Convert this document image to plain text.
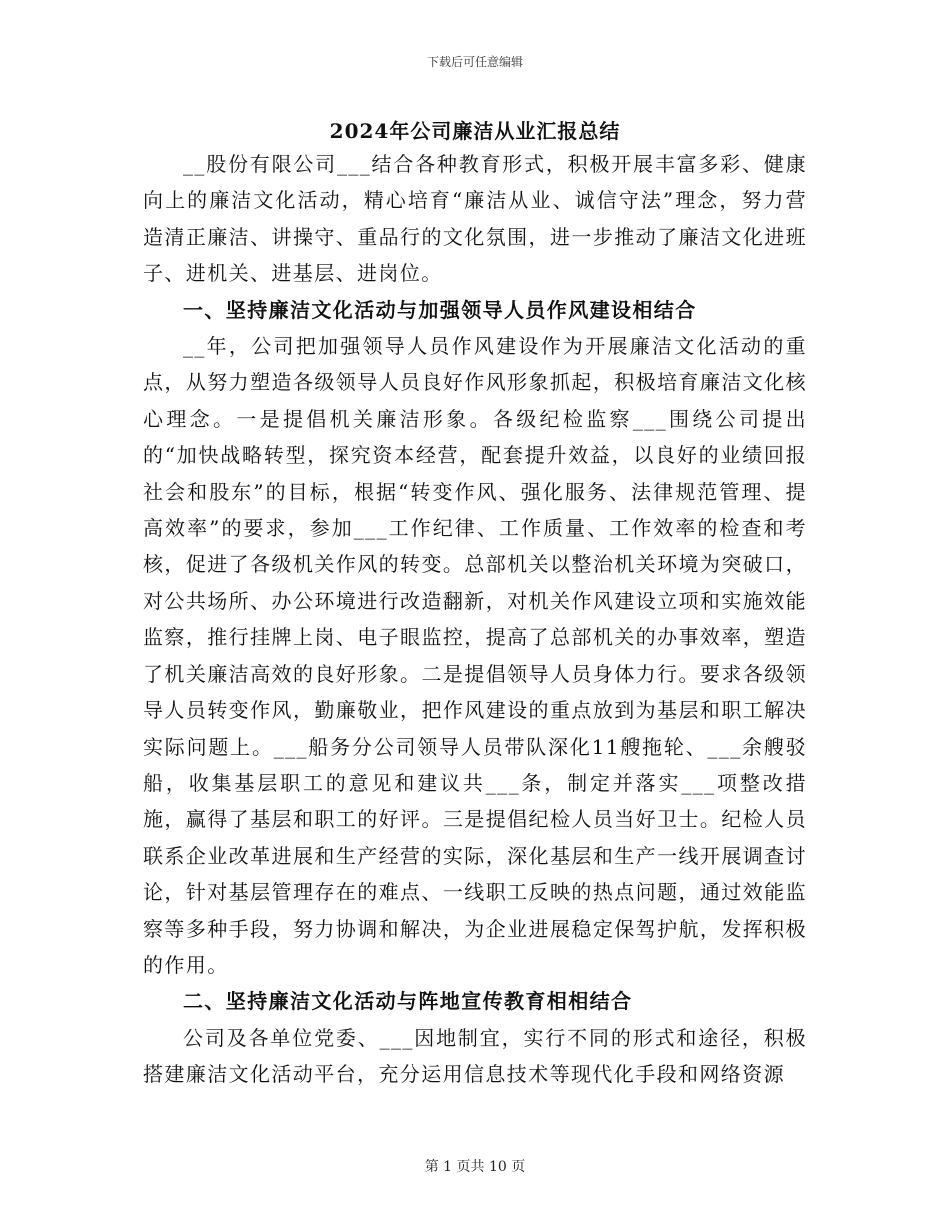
下载后可任意编辑
2024年公司廉洁从业汇报总结

__股份有限公司___结合各种教育形式，积极开展丰富多彩、健康向上的廉洁文化活动，精心培育“廉洁从业、诚信守法”理念，努力营造清正廉洁、讲操守、重品行的文化氛围，进一步推动了廉洁文化进班子、进机关、进基层、进岗位。

一、坚持廉洁文化活动与加强领导人员作风建设相结合

__年，公司把加强领导人员作风建设作为开展廉洁文化活动的重点，从努力塑造各级领导人员良好作风形象抓起，积极培育廉洁文化核心理念。一是提倡机关廉洁形象。各级纪检监察___围绕公司提出的“加快战略转型，探究资本经营，配套提升效益，以良好的业绩回报社会和股东”的目标，根据“转变作风、强化服务、法律规范管理、提高效率”的要求，参加___工作纪律、工作质量、工作效率的检查和考核，促进了各级机关作风的转变。总部机关以整治机关环境为突破口，对公共场所、办公环境进行改造翻新，对机关作风建设立项和实施效能监察，推行挂牌上岗、电子眼监控，提高了总部机关的办事效率，塑造了机关廉洁高效的良好形象。二是提倡领导人员身体力行。要求各级领导人员转变作风，勤廉敬业，把作风建设的重点放到为基层和职工解决实际问题上。___船务分公司领导人员带队深化11艘拖轮、___余艘驳船，收集基层职工的意见和建议共___条，制定并落实___项整改措施，赢得了基层和职工的好评。三是提倡纪检人员当好卫士。纪检人员联系企业改革进展和生产经营的实际，深化基层和生产一线开展调查讨论，针对基层管理存在的难点、一线职工反映的热点问题，通过效能监察等多种手段，努力协调和解决，为企业进展稳定保驾护航，发挥积极的作用。

二、坚持廉洁文化活动与阵地宣传教育相相结合

公司及各单位党委、___因地制宜，实行不同的形式和途径，积极搭建廉洁文化活动平台，充分运用信息技术等现代化手段和网络资源

第 1 页共 10 页
